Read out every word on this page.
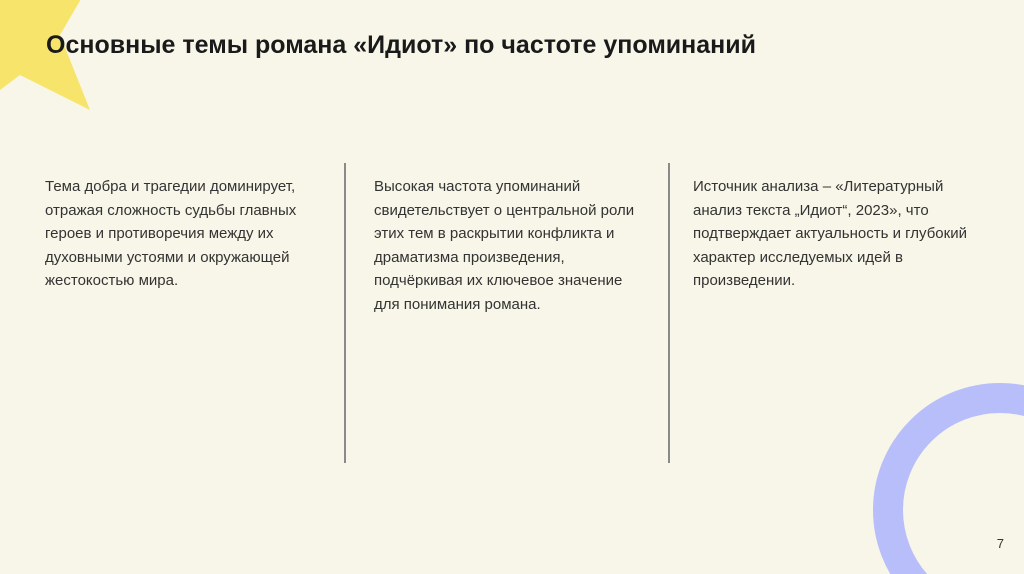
Основные темы романа «Идиот» по частоте упоминаний

Тема добра и трагедии доминирует, отражая сложность судьбы главных героев и противоречия между их духовными устоями и окружающей жестокостью мира.

Высокая частота упоминаний свидетельствует о центральной роли этих тем в раскрытии конфликта и драматизма произведения, подчёркивая их ключевое значение для понимания романа.

Источник анализа – «Литературный анализ текста „Идиот“, 2023», что подтверждает актуальность и глубокий характер исследуемых идей в произведении.

7
